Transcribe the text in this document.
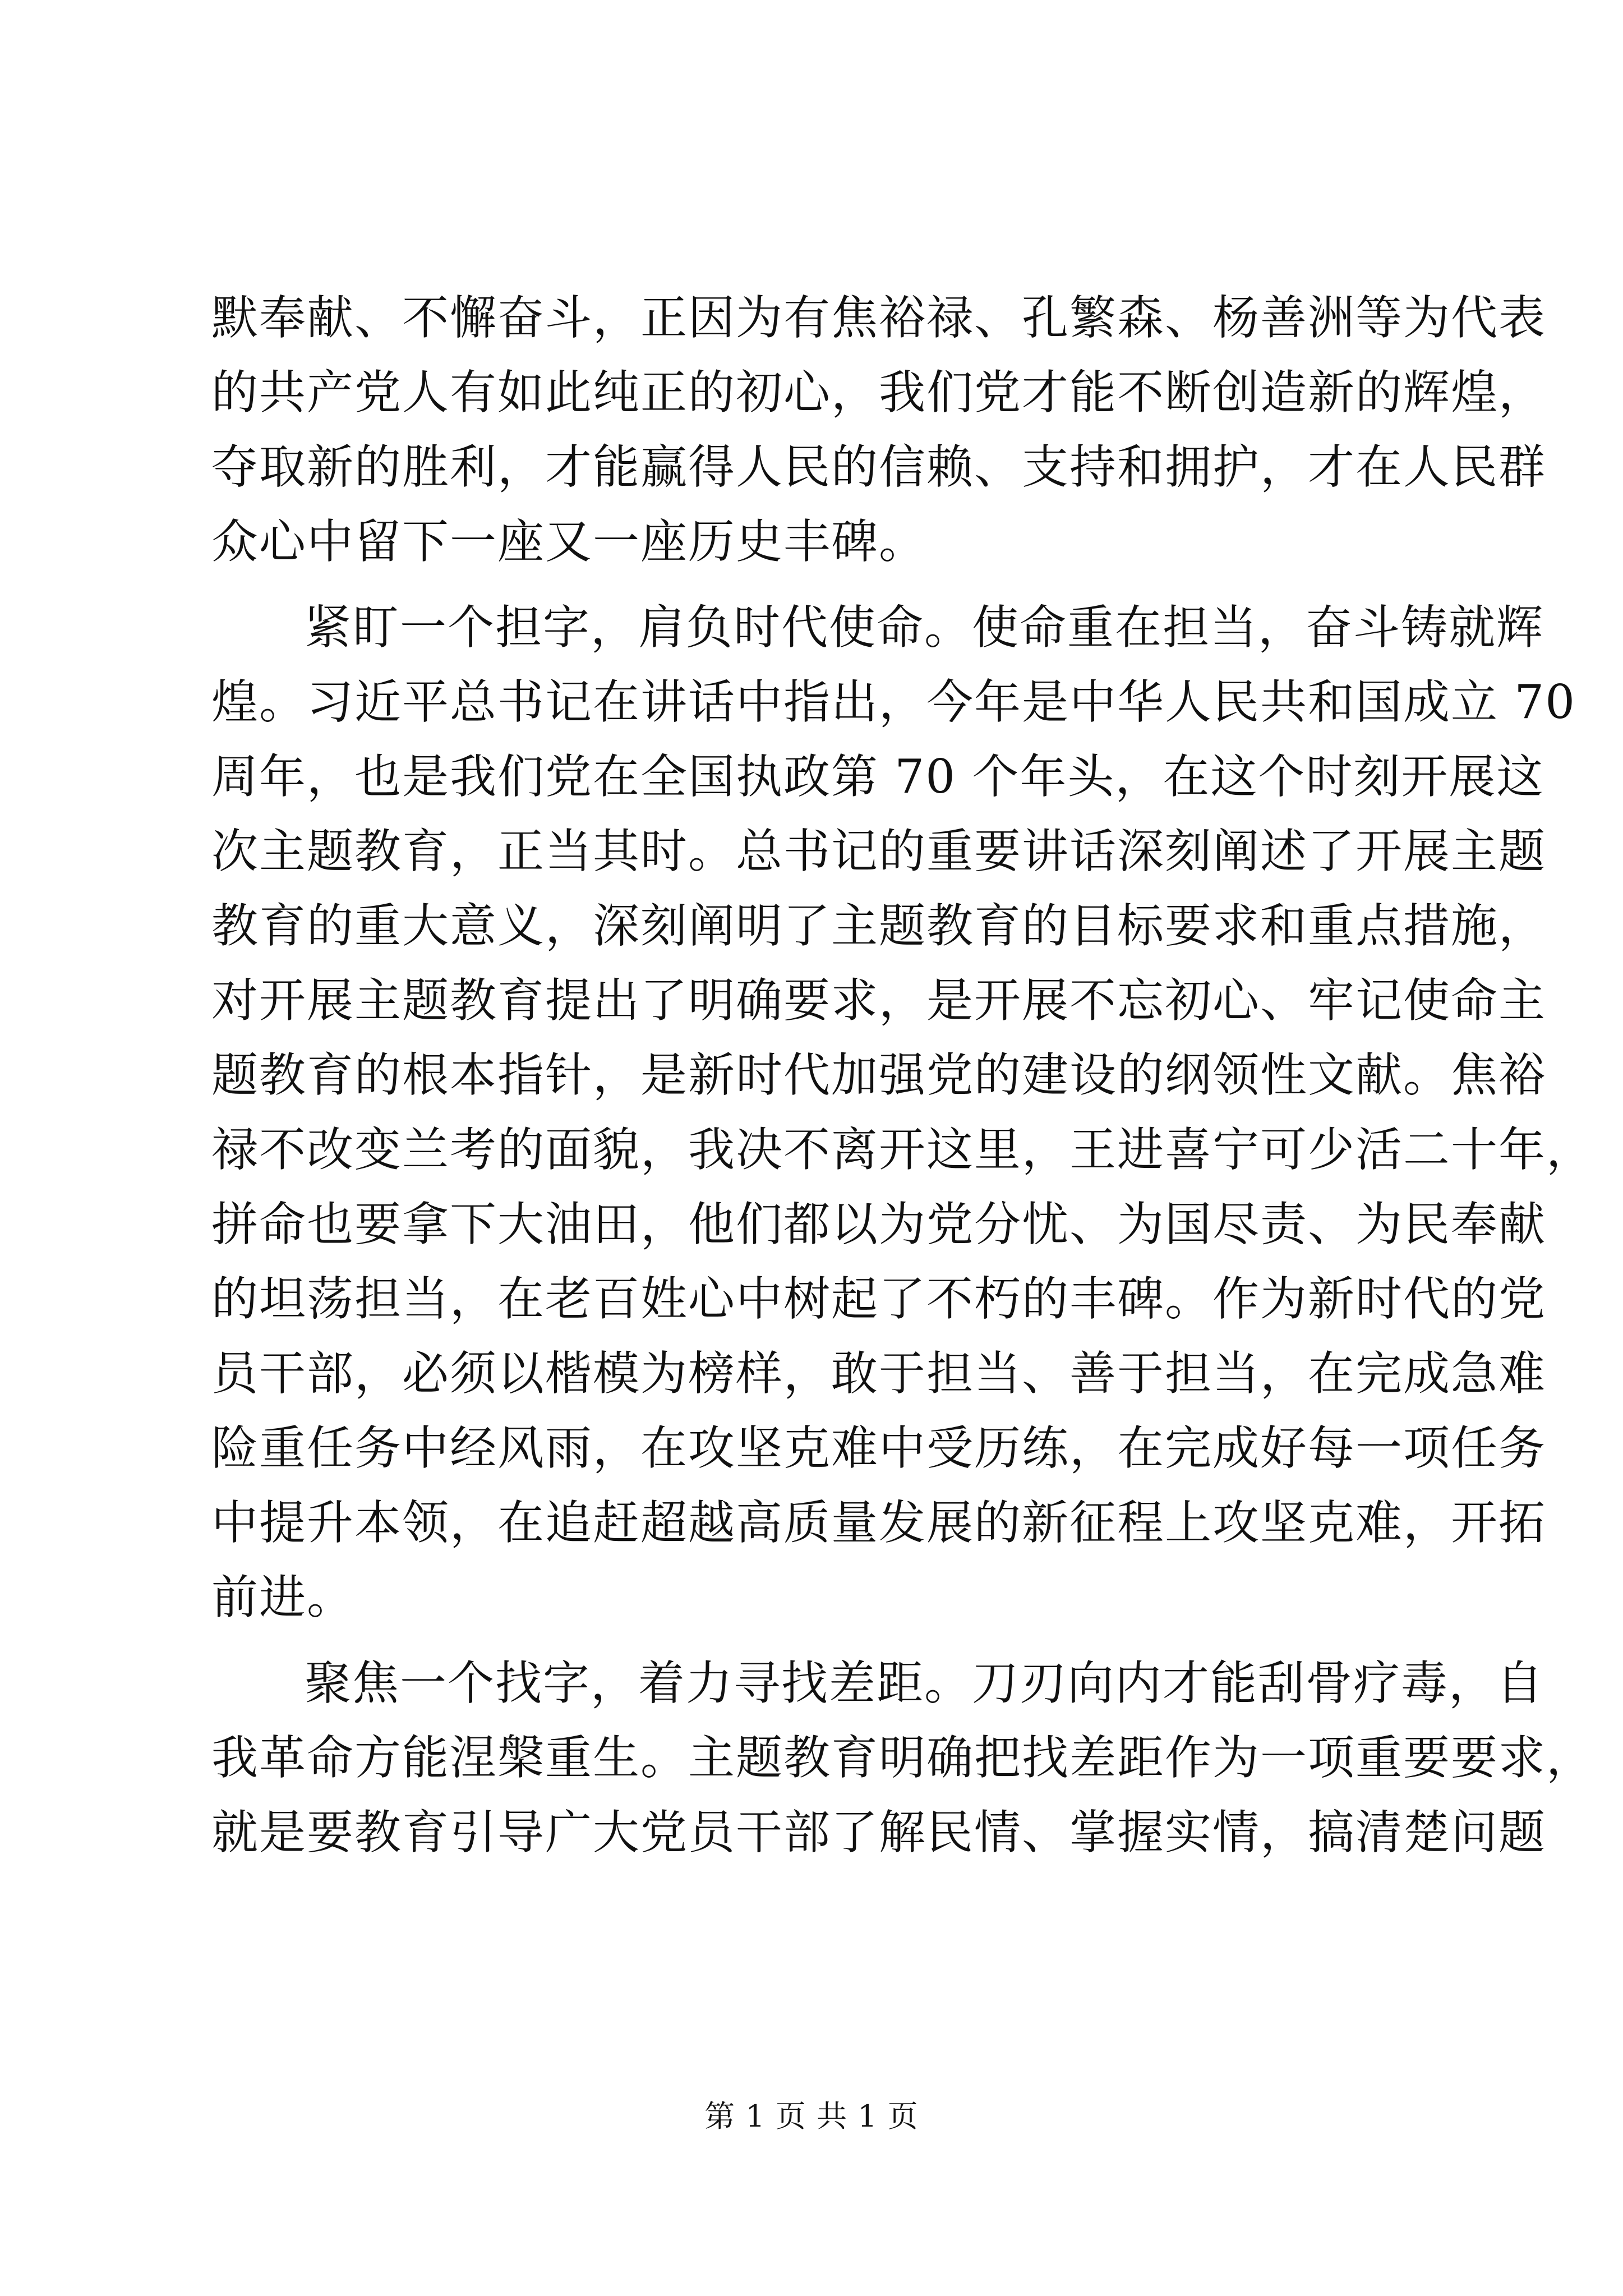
默奉献、不懈奋斗，正因为有焦裕禄、孔繁森、杨善洲等为代表
的共产党人有如此纯正的初心，我们党才能不断创造新的辉煌，
夺取新的胜利，才能赢得人民的信赖、支持和拥护，才在人民群
众心中留下一座又一座历史丰碑。
紧盯一个担字，肩负时代使命。使命重在担当，奋斗铸就辉
煌。习近平总书记在讲话中指出，今年是中华人民共和国成立 70
周年，也是我们党在全国执政第 70 个年头，在这个时刻开展这
次主题教育，正当其时。总书记的重要讲话深刻阐述了开展主题
教育的重大意义，深刻阐明了主题教育的目标要求和重点措施，
对开展主题教育提出了明确要求，是开展不忘初心、牢记使命主
题教育的根本指针，是新时代加强党的建设的纲领性文献。焦裕
禄不改变兰考的面貌，我决不离开这里，王进喜宁可少活二十年，
拼命也要拿下大油田，他们都以为党分忧、为国尽责、为民奉献
的坦荡担当，在老百姓心中树起了不朽的丰碑。作为新时代的党
员干部，必须以楷模为榜样，敢于担当、善于担当，在完成急难
险重任务中经风雨，在攻坚克难中受历练，在完成好每一项任务
中提升本领，在追赶超越高质量发展的新征程上攻坚克难，开拓
前进。
聚焦一个找字，着力寻找差距。刀刃向内才能刮骨疗毒，自
我革命方能涅槃重生。主题教育明确把找差距作为一项重要要求，
就是要教育引导广大党员干部了解民情、掌握实情，搞清楚问题
第 1 页 共 1 页
